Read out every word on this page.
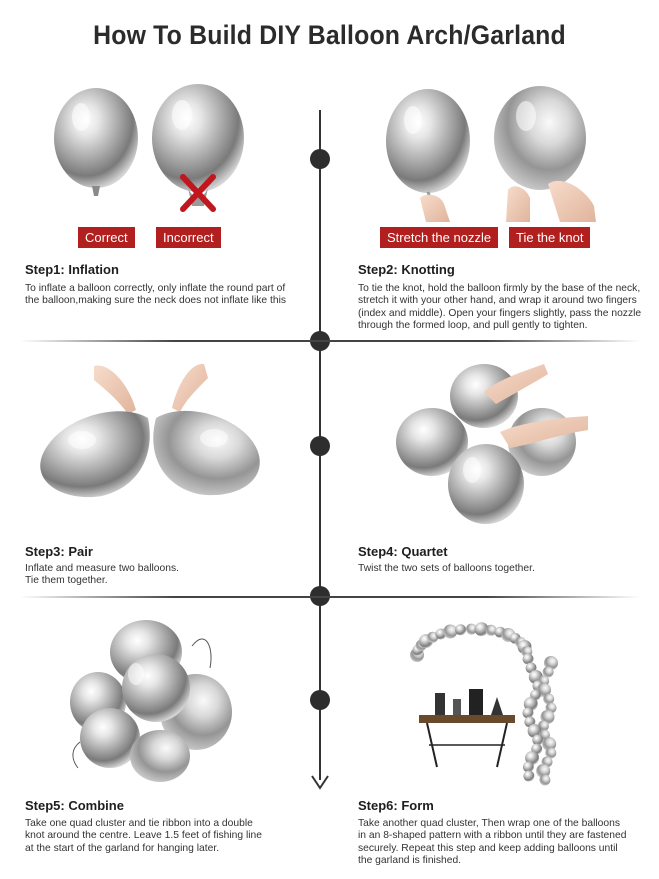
How To Build DIY Balloon Arch/Garland
Correct	Incorrect
Step1: Inflation
To inflate a balloon correctly, only inflate the round part of
the balloon,making sure the neck does not inflate like this
Stretch the nozzle	Tie the knot
Step2: Knotting
To tie the knot, hold the balloon firmly by the base of the neck,
stretch it with your other hand, and wrap it around two fingers
(index and middle). Open your fingers slightly, pass the nozzle
through the formed loop, and pull gently to tighten.
Step3: Pair
Inflate and measure two balloons.
Tie them together.
Step4: Quartet
Twist the two sets of balloons together.
Step5: Combine
Take one quad cluster and tie ribbon into a double
knot around the centre. Leave 1.5 feet of fishing line
at the start of the garland for hanging later.
Step6: Form
Take another quad cluster, Then wrap one of the balloons
in an 8-shaped pattern with a ribbon until they are fastened
securely. Repeat this step and keep adding balloons until
the garland is finished.
